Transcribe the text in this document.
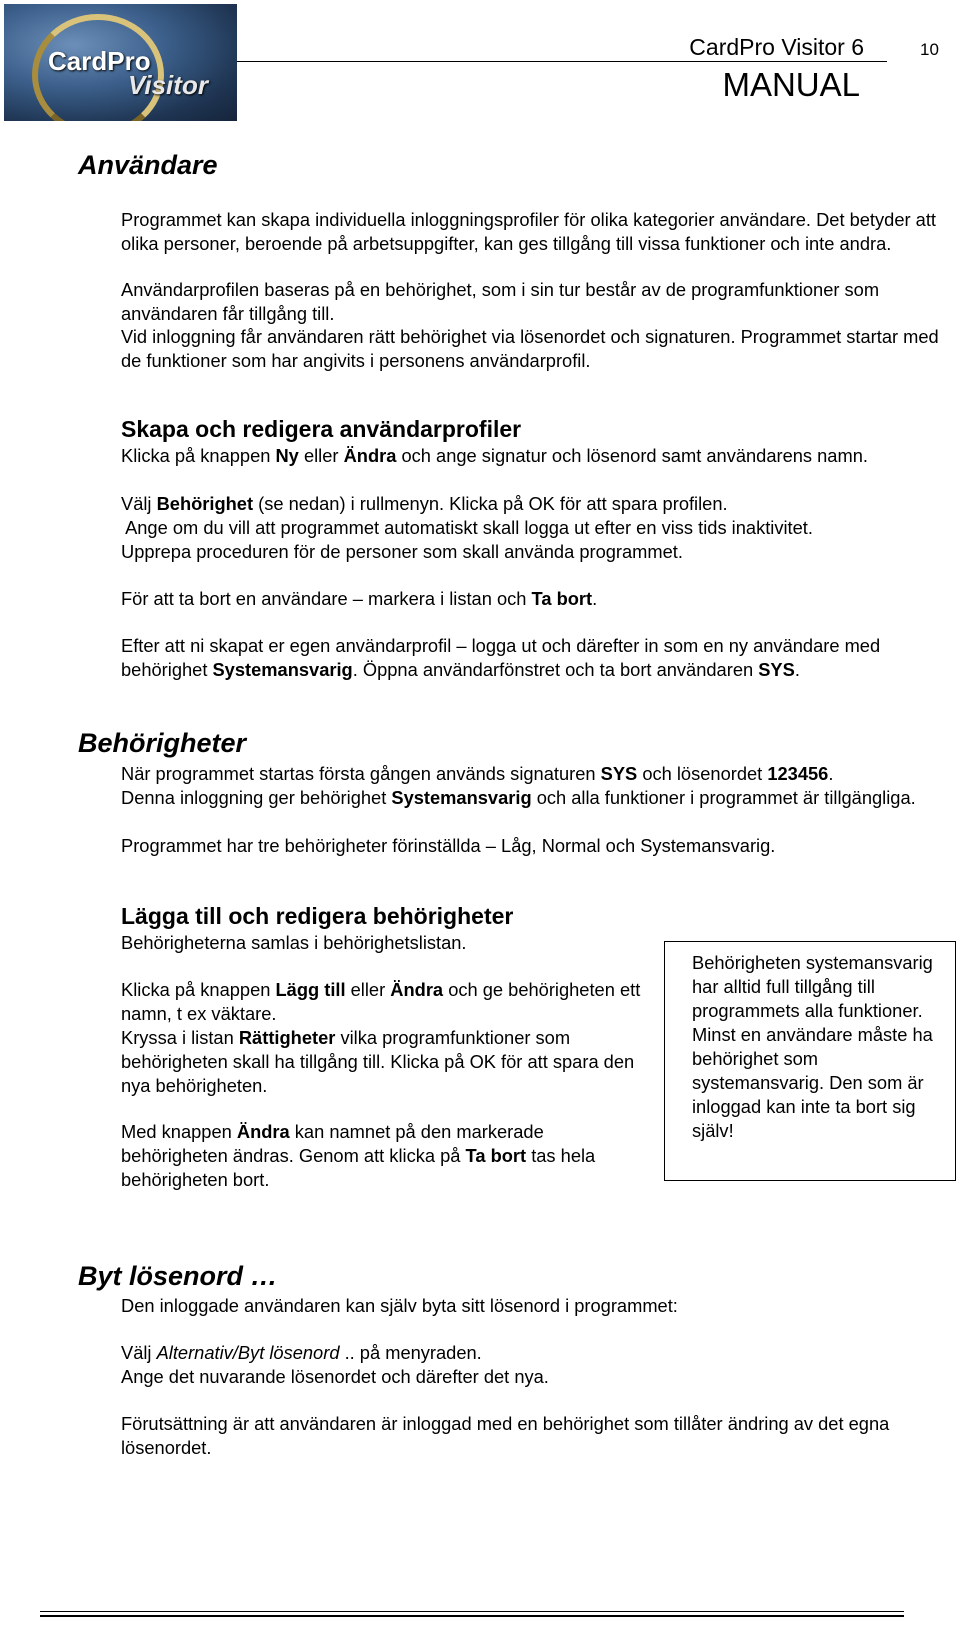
CardPro
Visitor
CardPro Visitor 6	10
MANUAL
Användare

Programmet kan skapa individuella inloggningsprofiler för olika kategorier användare. Det betyder att olika personer, beroende på arbetsuppgifter, kan ges tillgång till vissa funktioner och inte andra.

Användarprofilen baseras på en behörighet, som i sin tur består av de programfunktioner som användaren får tillgång till.

Vid inloggning får användaren rätt behörighet via lösenordet och signaturen. Programmet startar med de funktioner som har angivits i personens användarprofil.

Skapa och redigera användarprofiler

Klicka på knappen Ny eller Ändra och ange signatur och lösenord samt användarens namn.

Välj Behörighet (se nedan) i rullmenyn. Klicka på OK för att spara profilen.

Ange om du vill att programmet automatiskt skall logga ut efter en viss tids inaktivitet.

Upprepa proceduren för de personer som skall använda programmet.

För att ta bort en användare – markera i listan och Ta bort.

Efter att ni skapat er egen användarprofil – logga ut och därefter in som en ny användare med behörighet Systemansvarig. Öppna användarfönstret och ta bort användaren SYS.

Behörigheter

När programmet startas första gången används signaturen SYS och lösenordet 123456.

Denna inloggning ger behörighet Systemansvarig och alla funktioner i programmet är tillgängliga.

Programmet har tre behörigheter förinställda – Låg, Normal och Systemansvarig.

Lägga till och redigera behörigheter

Behörigheterna samlas i behörighetslistan.

Klicka på knappen Lägg till eller Ändra och ge behörigheten ett namn, t ex väktare.

Kryssa i listan Rättigheter vilka programfunktioner som behörigheten skall ha tillgång till. Klicka på OK för att spara den nya behörigheten.

Med knappen Ändra kan namnet på den markerade behörigheten ändras. Genom att klicka på Ta bort tas hela behörigheten bort.

Behörigheten systemansvarig har alltid full tillgång till programmets alla funktioner. Minst en användare måste ha behörighet som systemansvarig. Den som är inloggad kan inte ta bort sig själv!
Byt lösenord …

Den inloggade användaren kan själv byta sitt lösenord i programmet:

Välj Alternativ/Byt lösenord .. på menyraden.

Ange det nuvarande lösenordet och därefter det nya.

Förutsättning är att användaren är inloggad med en behörighet som tillåter ändring av det egna lösenordet.
